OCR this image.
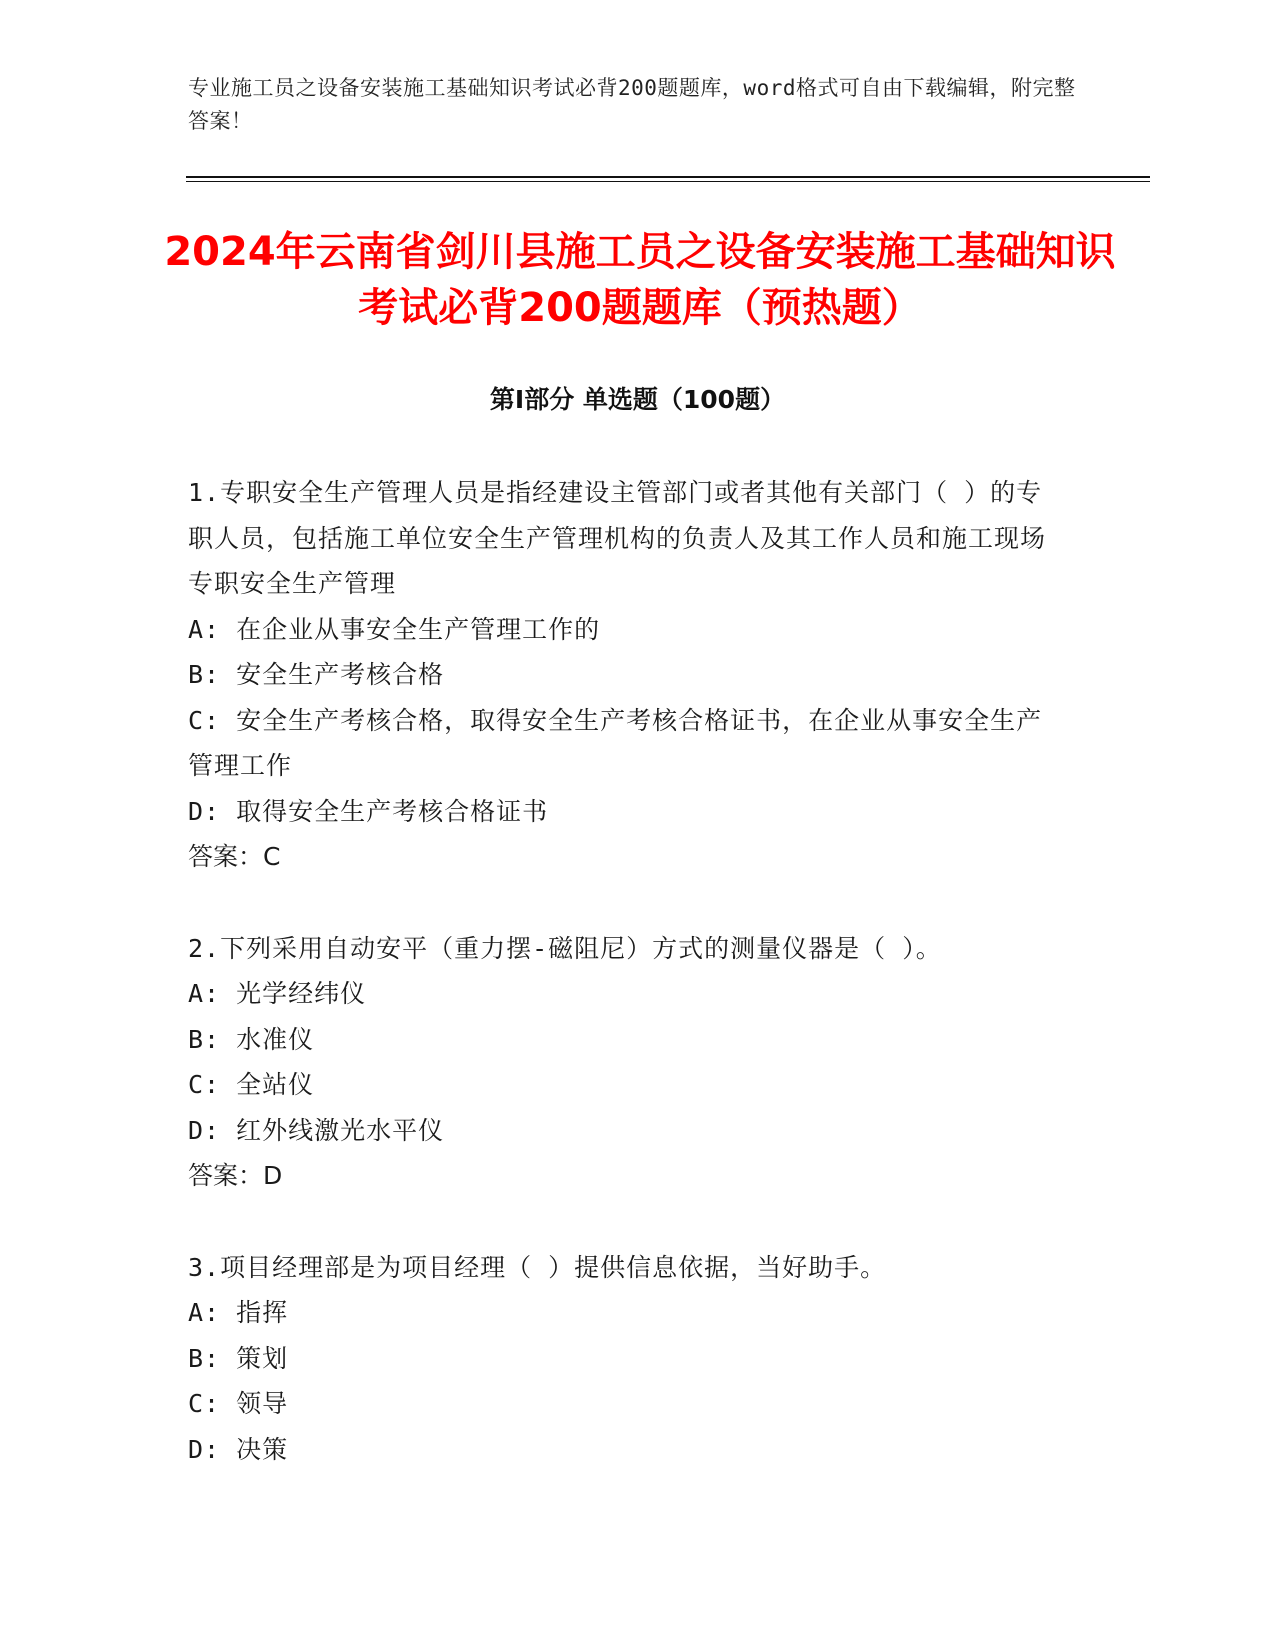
专业施工员之设备安装施工基础知识考试必背200题题库，word格式可自由下载编辑，附完整答案！
2024年云南省剑川县施工员之设备安装施工基础知识考试必背200题题库（预热题）
第I部分 单选题（100题）

1.专职安全生产管理人员是指经建设主管部门或者其他有关部门（ ）的专职人员，包括施工单位安全生产管理机构的负责人及其工作人员和施工现场专职安全生产管理

A: 在企业从事安全生产管理工作的

B: 安全生产考核合格

C: 安全生产考核合格，取得安全生产考核合格证书，在企业从事安全生产管理工作

D: 取得安全生产考核合格证书

答案：C

2.下列采用自动安平（重力摆-磁阻尼）方式的测量仪器是（ ）。

A: 光学经纬仪

B: 水准仪

C: 全站仪

D: 红外线激光水平仪

答案：D

3.项目经理部是为项目经理（ ）提供信息依据，当好助手。

A: 指挥

B: 策划

C: 领导

D: 决策
